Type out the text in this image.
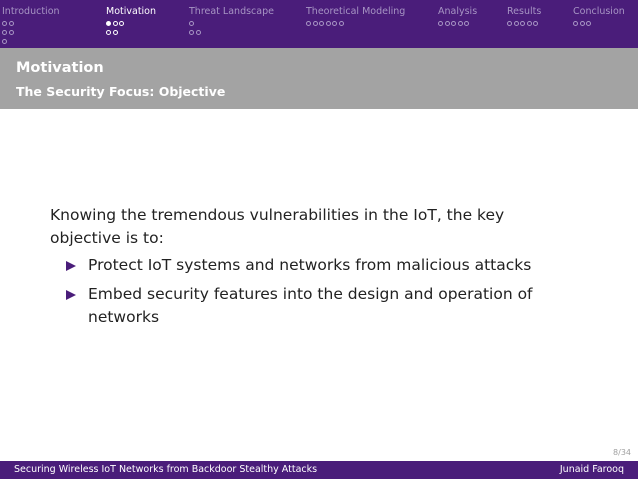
Introduction	Motivation	Threat Landscape	Theoretical Modeling	Analysis	Results	Conclusion
Motivation
The Security Focus: Objective

Knowing the tremendous vulnerabilities in the IoT, the key objective is to:

Protect IoT systems and networks from malicious attacks
Embed security features into the design and operation of networks
8/34
Securing Wireless IoT Networks from Backdoor Stealthy Attacks	Junaid Farooq
